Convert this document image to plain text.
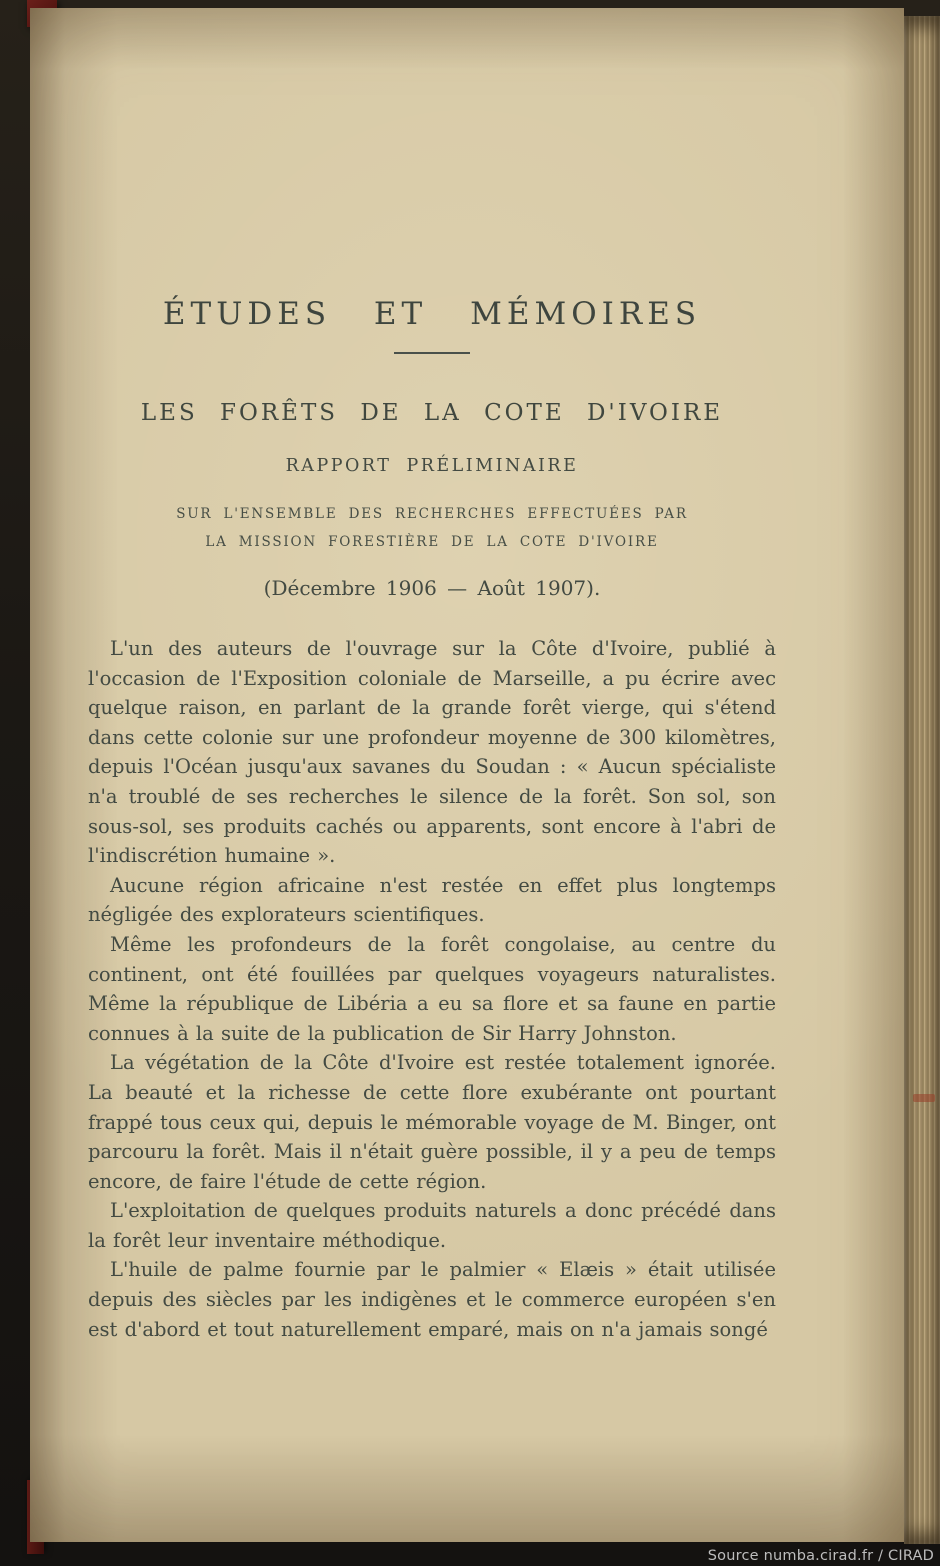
ÉTUDES ET MÉMOIRES
LES FORÊTS DE LA COTE D'IVOIRE
RAPPORT PRÉLIMINAIRE
SUR L'ENSEMBLE DES RECHERCHES EFFECTUÉES PAR
LA MISSION FORESTIÈRE DE LA COTE D'IVOIRE
(Décembre 1906 — Août 1907).

L'un des auteurs de l'ouvrage sur la Côte d'Ivoire, publié à l'occasion de l'Exposition coloniale de Marseille, a pu écrire avec quelque raison, en parlant de la grande forêt vierge, qui s'étend dans cette colonie sur une profondeur moyenne de 300 kilomètres, depuis l'Océan jusqu'aux savanes du Soudan : « Aucun spécialiste n'a troublé de ses recherches le silence de la forêt. Son sol, son sous-sol, ses produits cachés ou apparents, sont encore à l'abri de l'indiscrétion humaine ».

Aucune région africaine n'est restée en effet plus longtemps négligée des explorateurs scientifiques.

Même les profondeurs de la forêt congolaise, au centre du continent, ont été fouillées par quelques voyageurs naturalistes. Même la république de Libéria a eu sa flore et sa faune en partie connues à la suite de la publication de Sir Harry Johnston.

La végétation de la Côte d'Ivoire est restée totalement ignorée. La beauté et la richesse de cette flore exubérante ont pourtant frappé tous ceux qui, depuis le mémorable voyage de M. Binger, ont parcouru la forêt. Mais il n'était guère possible, il y a peu de temps encore, de faire l'étude de cette région.

L'exploitation de quelques produits naturels a donc précédé dans la forêt leur inventaire méthodique.

L'huile de palme fournie par le palmier « Elæis » était utilisée depuis des siècles par les indigènes et le commerce européen s'en est d'abord et tout naturellement emparé, mais on n'a jamais songé

Source numba.cirad.fr / CIRAD
